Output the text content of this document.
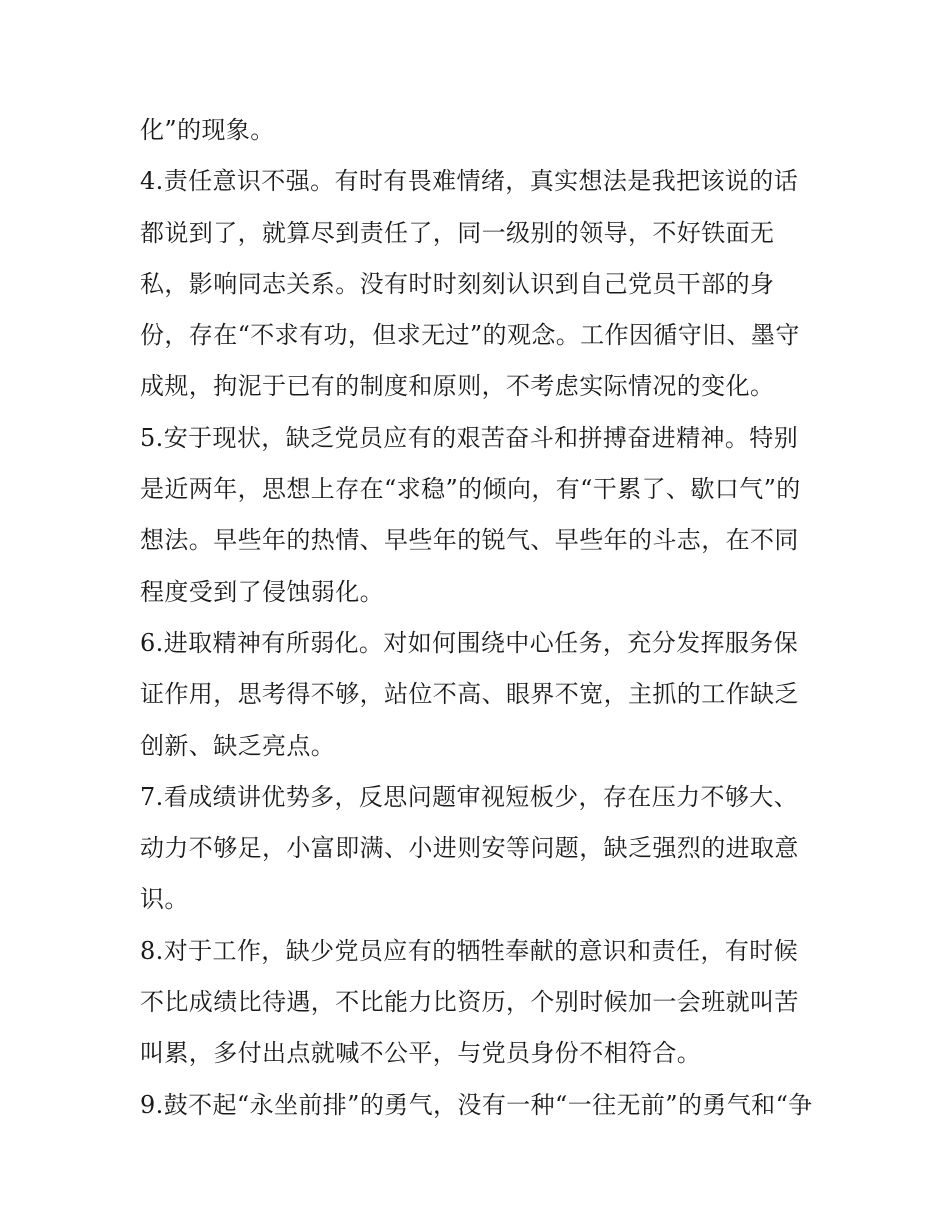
化”的现象。

4.责任意识不强。有时有畏难情绪，真实想法是我把该说的话
都说到了，就算尽到责任了，同一级别的领导，不好铁面无
私，影响同志关系。没有时时刻刻认识到自己党员干部的身
份，存在“不求有功，但求无过”的观念。工作因循守旧、墨守
成规，拘泥于已有的制度和原则，不考虑实际情况的变化。

5.安于现状，缺乏党员应有的艰苦奋斗和拼搏奋进精神。特别
是近两年，思想上存在“求稳”的倾向，有“干累了、歇口气”的
想法。早些年的热情、早些年的锐气、早些年的斗志，在不同
程度受到了侵蚀弱化。

6.进取精神有所弱化。对如何围绕中心任务，充分发挥服务保
证作用，思考得不够，站位不高、眼界不宽，主抓的工作缺乏
创新、缺乏亮点。

7.看成绩讲优势多，反思问题审视短板少，存在压力不够大、
动力不够足，小富即满、小进则安等问题，缺乏强烈的进取意
识。

8.对于工作，缺少党员应有的牺牲奉献的意识和责任，有时候
不比成绩比待遇，不比能力比资历，个别时候加一会班就叫苦
叫累，多付出点就喊不公平，与党员身份不相符合。

9.鼓不起“永坐前排”的勇气，没有一种“一往无前”的勇气和“争
